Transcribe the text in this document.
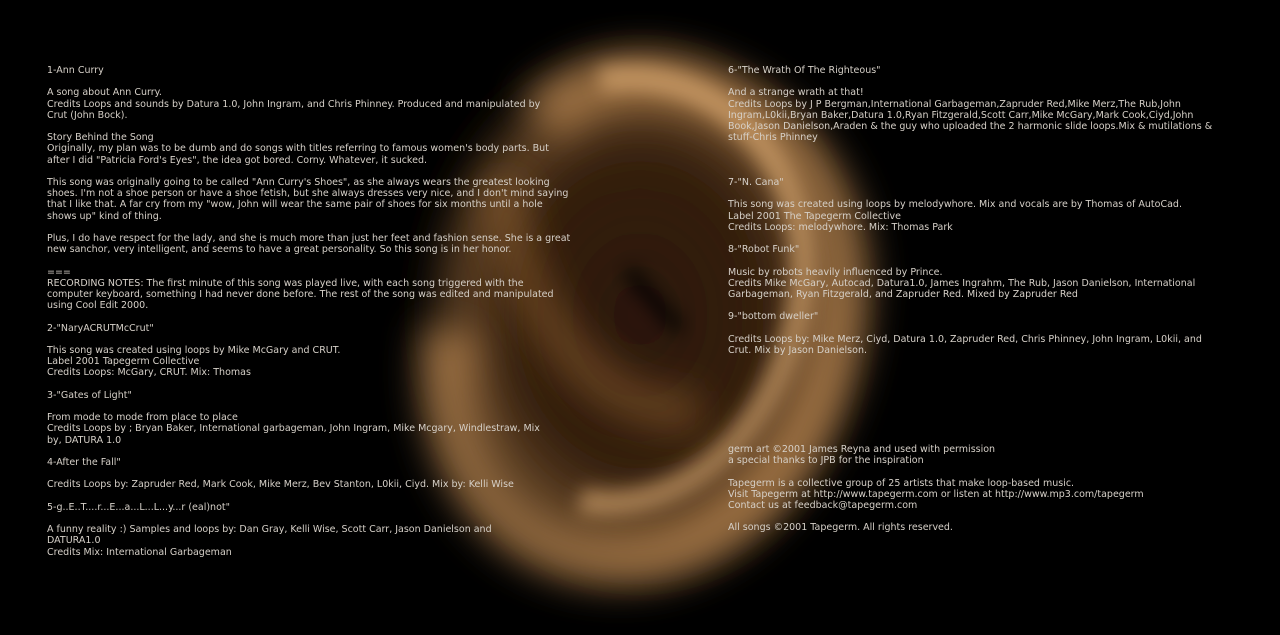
1-Ann Curry

A song about Ann Curry.

Credits Loops and sounds by Datura 1.0, John Ingram, and Chris Phinney. Produced and manipulated by

Crut (John Bock).

Story Behind the Song

Originally, my plan was to be dumb and do songs with titles referring to famous women's body parts. But

after I did "Patricia Ford's Eyes", the idea got bored. Corny. Whatever, it sucked.

This song was originally going to be called "Ann Curry's Shoes", as she always wears the greatest looking

shoes. I'm not a shoe person or have a shoe fetish, but she always dresses very nice, and I don't mind saying

that I like that. A far cry from my "wow, John will wear the same pair of shoes for six months until a hole

shows up" kind of thing.

Plus, I do have respect for the lady, and she is much more than just her feet and fashion sense. She is a great

new sanchor, very intelligent, and seems to have a great personality. So this song is in her honor.

===

RECORDING NOTES: The first minute of this song was played live, with each song triggered with the

computer keyboard, something I had never done before. The rest of the song was edited and manipulated

using Cool Edit 2000.

2-"NaryACRUTMcCrut"

This song was created using loops by Mike McGary and CRUT.

Label 2001 Tapegerm Collective

Credits Loops: McGary, CRUT. Mix: Thomas

3-"Gates of Light"

From mode to mode from place to place

Credits Loops by ; Bryan Baker, International garbageman, John Ingram, Mike Mcgary, Windlestraw, Mix

by, DATURA 1.0

4-After the Fall"

Credits Loops by: Zapruder Red, Mark Cook, Mike Merz, Bev Stanton, L0kii, Ciyd. Mix by: Kelli Wise

5-g..E..T....r...E...a...L...L...y...r (eal)not"

A funny reality :) Samples and loops by: Dan Gray, Kelli Wise, Scott Carr, Jason Danielson and

DATURA1.0

Credits Mix: International Garbageman

6-"The Wrath Of The Righteous"

And a strange wrath at that!

Credits Loops by J P Bergman,International Garbageman,Zapruder Red,Mike Merz,The Rub,John

Ingram,L0kii,Bryan Baker,Datura 1.0,Ryan Fitzgerald,Scott Carr,Mike McGary,Mark Cook,Ciyd,John

Book,Jason Danielson,Araden & the guy who uploaded the 2 harmonic slide loops.Mix & mutilations &

stuff-Chris Phinney

7-"N. Cana"

This song was created using loops by melodywhore. Mix and vocals are by Thomas of AutoCad.

Label 2001 The Tapegerm Collective

Credits Loops: melodywhore. Mix: Thomas Park

8-"Robot Funk"

Music by robots heavily influenced by Prince.

Credits Mike McGary, Autocad, Datura1.0, James Ingrahm, The Rub, Jason Danielson, International

Garbageman, Ryan Fitzgerald, and Zapruder Red. Mixed by Zapruder Red

9-"bottom dweller"

Credits Loops by: Mike Merz, Ciyd, Datura 1.0, Zapruder Red, Chris Phinney, John Ingram, L0kii, and

Crut. Mix by Jason Danielson.

germ art ©2001 James Reyna and used with permission

a special thanks to JPB for the inspiration

Tapegerm is a collective group of 25 artists that make loop-based music.

Visit Tapegerm at http://www.tapegerm.com or listen at http://www.mp3.com/tapegerm

Contact us at feedback@tapegerm.com

All songs ©2001 Tapegerm. All rights reserved.
